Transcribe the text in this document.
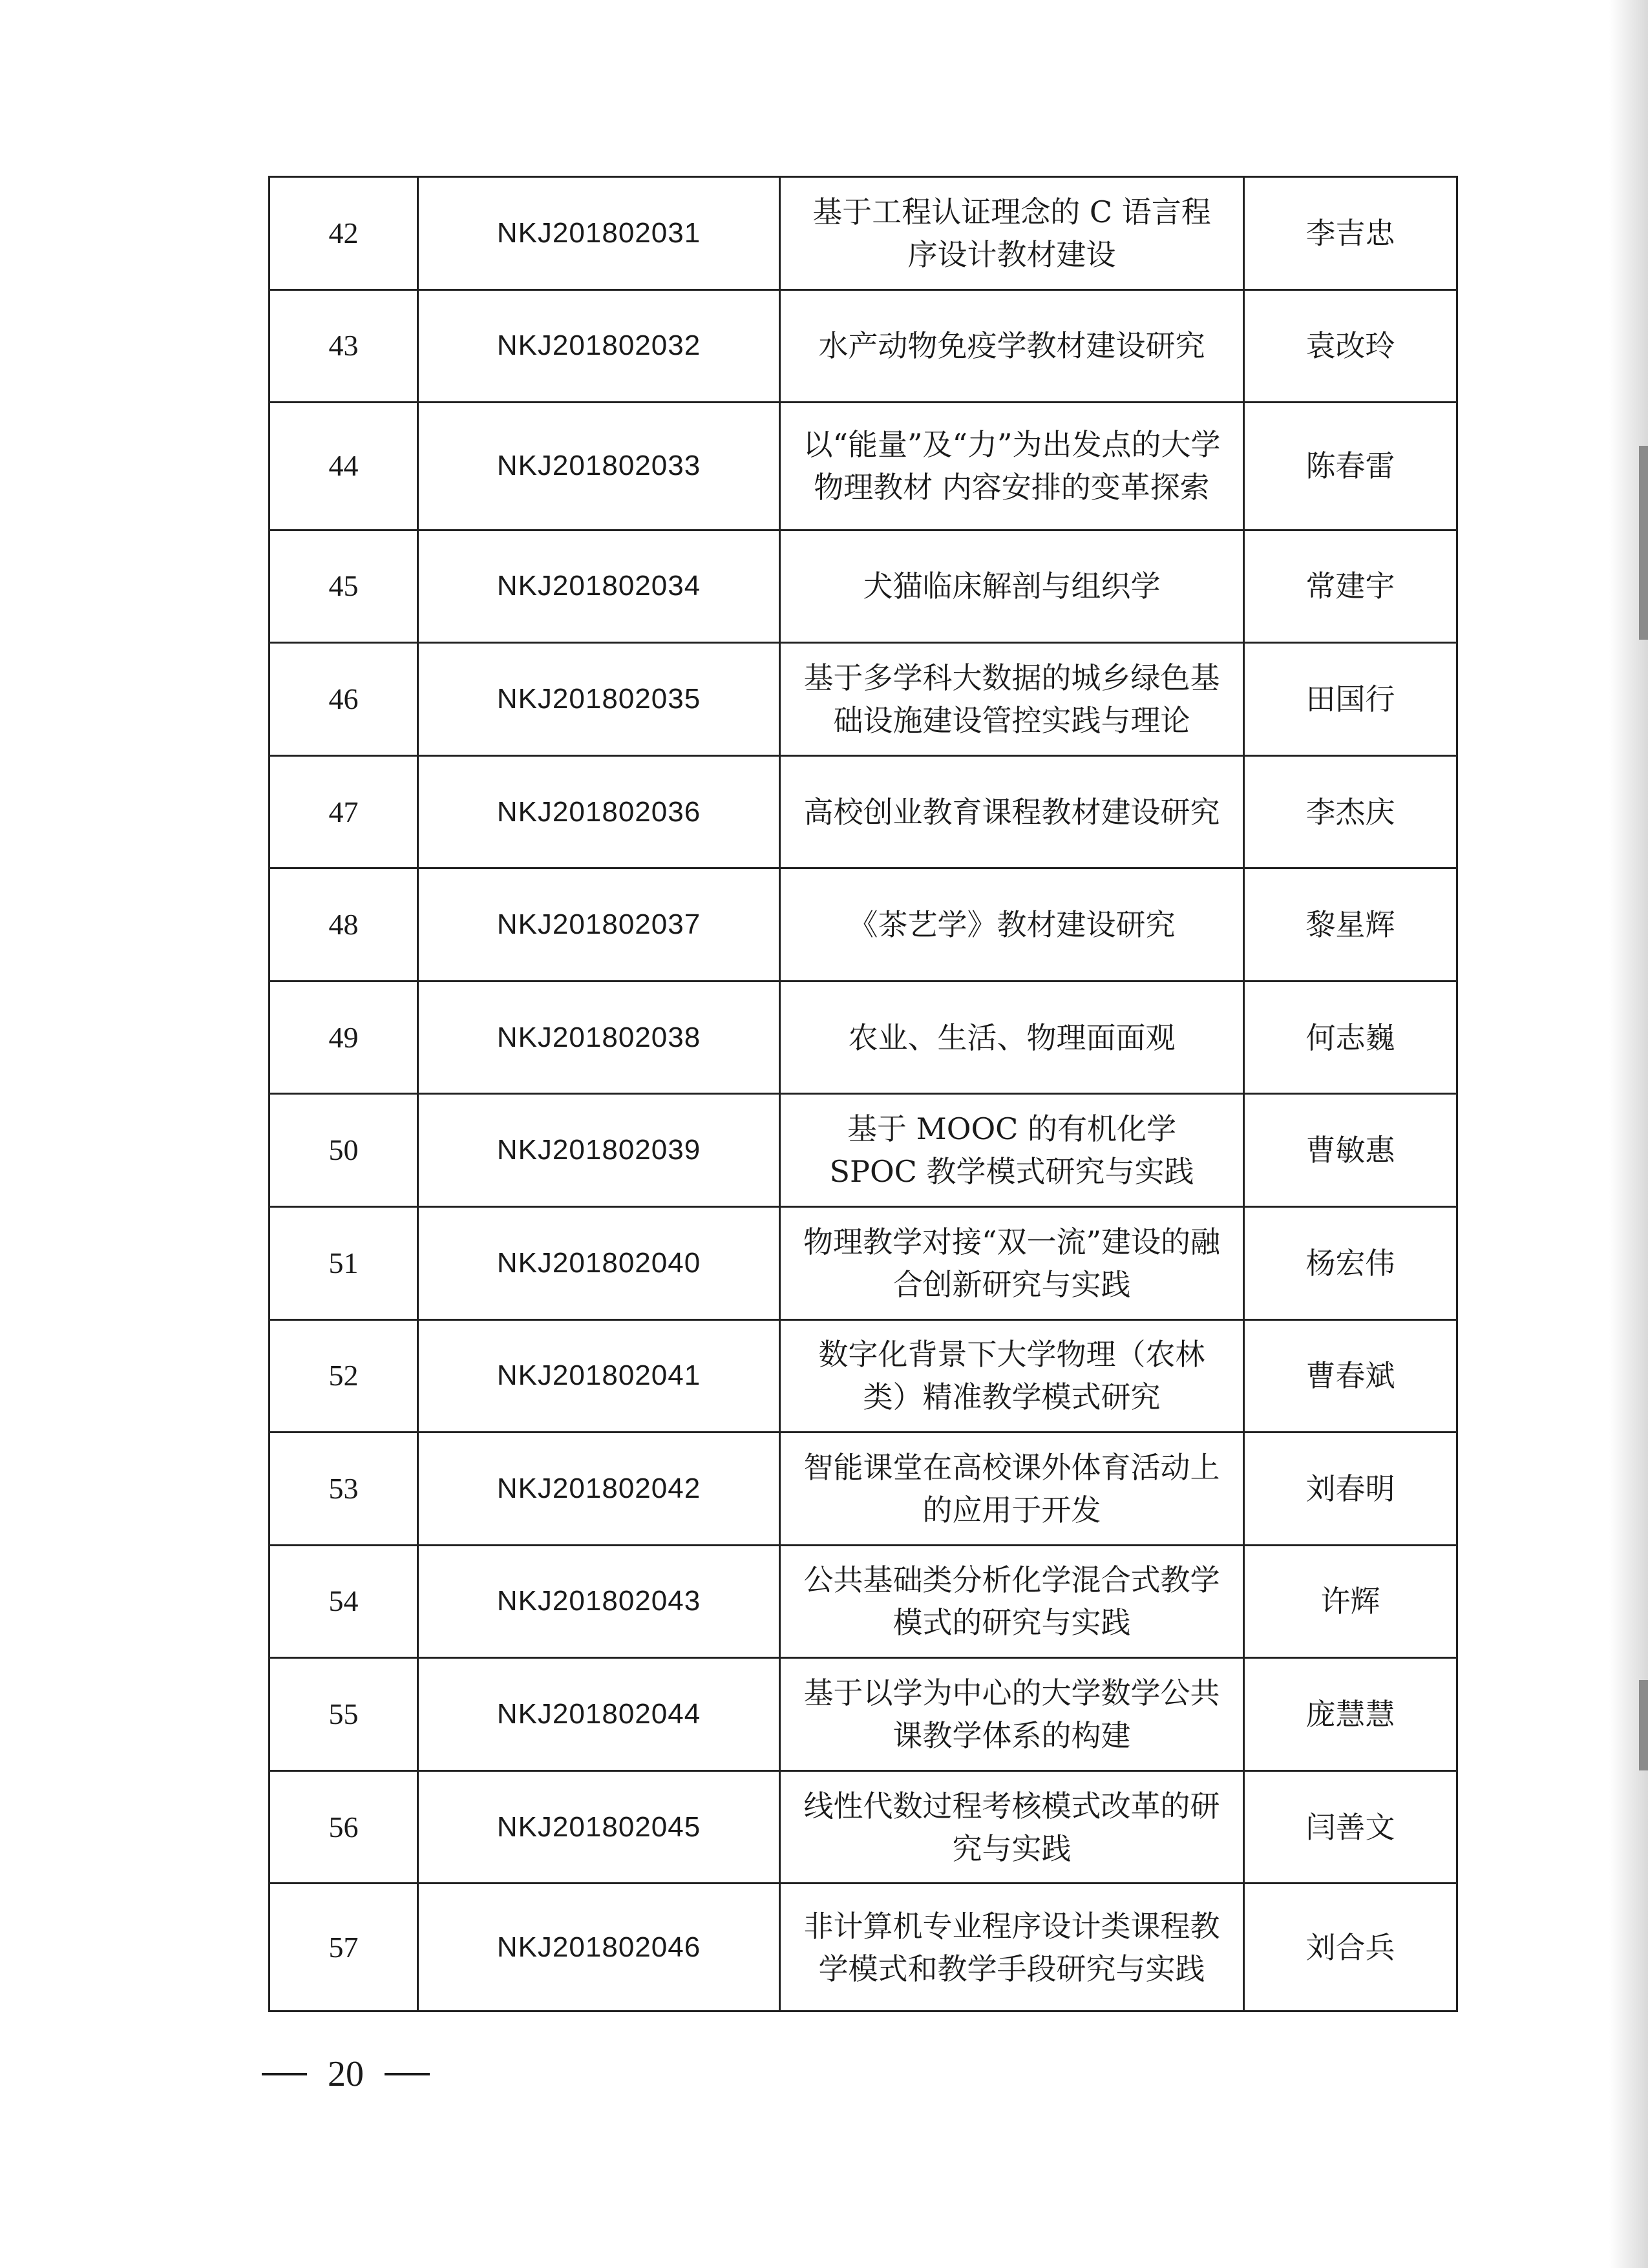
42	NKJ201802031	基于工程认证理念的 C 语言程序设计教材建设	李吉忠
43	NKJ201802032	水产动物免疫学教材建设研究	袁改玲
44	NKJ201802033	以“能量”及“力”为出发点的大学物理教材 内容安排的变革探索	陈春雷
45	NKJ201802034	犬猫临床解剖与组织学	常建宇
46	NKJ201802035	基于多学科大数据的城乡绿色基础设施建设管控实践与理论	田国行
47	NKJ201802036	高校创业教育课程教材建设研究	李杰庆
48	NKJ201802037	《茶艺学》教材建设研究	黎星辉
49	NKJ201802038	农业、生活、物理面面观	何志巍
50	NKJ201802039	基于 MOOC 的有机化学 SPOC 教学模式研究与实践	曹敏惠
51	NKJ201802040	物理教学对接“双一流”建设的融合创新研究与实践	杨宏伟
52	NKJ201802041	数字化背景下大学物理（农林类）精准教学模式研究	曹春斌
53	NKJ201802042	智能课堂在高校课外体育活动上的应用于开发	刘春明
54	NKJ201802043	公共基础类分析化学混合式教学模式的研究与实践	许辉
55	NKJ201802044	基于以学为中心的大学数学公共课教学体系的构建	庞慧慧
56	NKJ201802045	线性代数过程考核模式改革的研究与实践	闫善文
57	NKJ201802046	非计算机专业程序设计类课程教学模式和教学手段研究与实践	刘合兵
20
